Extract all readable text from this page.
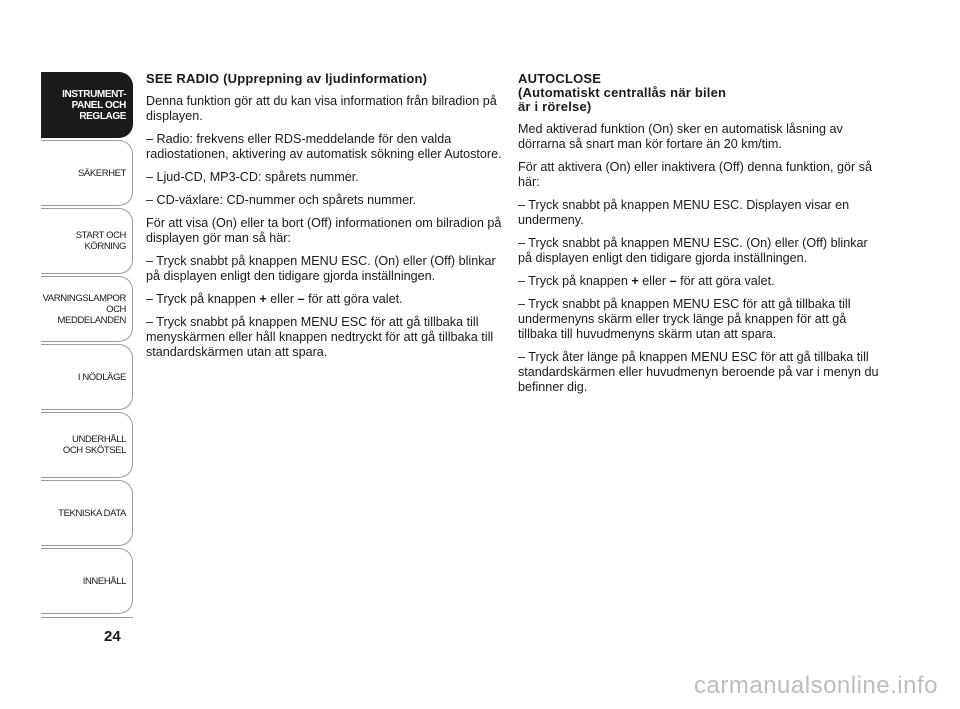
INSTRUMENT-
PANEL OCH
REGLAGE
SÄKERHET
START OCH
KÖRNING
VARNINGSLAMPOR
OCH
MEDDELANDEN
I NÖDLÄGE
UNDERHÅLL
OCH SKÖTSEL
TEKNISKA DATA
INNEHÅLL
24
SEE RADIO (Upprepning av ljudinformation)

Denna funktion gör att du kan visa information från bilradion på displayen.

– Radio: frekvens eller RDS-meddelande för den valda radiostationen, aktivering av automatisk sökning eller Autostore.

– Ljud-CD, MP3-CD: spårets nummer.

– CD-växlare: CD-nummer och spårets nummer.

För att visa (On) eller ta bort (Off) informationen om bilradion på displayen gör man så här:

– Tryck snabbt på knappen MENU ESC. (On) eller (Off) blinkar på displayen enligt den tidigare gjorda inställningen.

– Tryck på knappen + eller – för att göra valet.

– Tryck snabbt på knappen MENU ESC för att gå tillbaka till menyskärmen eller håll knappen nedtryckt för att gå tillbaka till standardskärmen utan att spara.

AUTOCLOSE
(Automatiskt centrallås när bilen
är i rörelse)

Med aktiverad funktion (On) sker en automatisk låsning av dörrarna så snart man kör fortare än 20 km/tim.

För att aktivera (On) eller inaktivera (Off) denna funktion, gör så här:

– Tryck snabbt på knappen MENU ESC. Displayen visar en undermeny.

– Tryck snabbt på knappen MENU ESC. (On) eller (Off) blinkar på displayen enligt den tidigare gjorda inställningen.

– Tryck på knappen + eller – för att göra valet.

– Tryck snabbt på knappen MENU ESC för att gå tillbaka till undermenyns skärm eller tryck länge på knappen för att gå tillbaka till huvudmenyns skärm utan att spara.

– Tryck åter länge på knappen MENU ESC för att gå tillbaka till standardskärmen eller huvudmenyn beroende på var i menyn du befinner dig.

carmanualsonline.info
